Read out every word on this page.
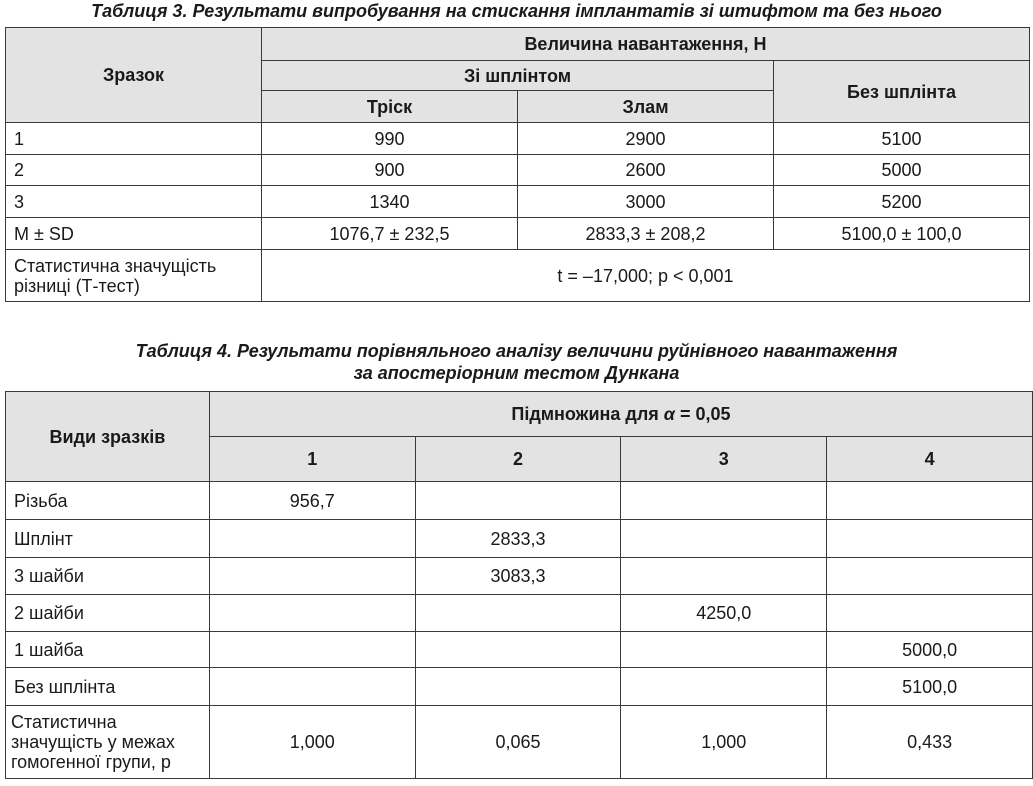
Таблиця 3. Результати випробування на стискання імплантатів зі штифтом та без нього
Зразок	Величина навантаження, Н		
	Зі шплінтом		Без шплінта
	Тріск	Злам	
1	990	2900	5100
2	900	2600	5000
3	1340	3000	5200
M ± SD	1076,7 ± 232,5	2833,3 ± 208,2	5100,0 ± 100,0

Статистична значущість
різниці (Т-тест)	t = –17,000; p < 0,001		
Таблиця 4. Результати порівняльного аналізу величини руйнівного навантаження
за апостеріорним тестом Дункана
Види зразків	Підмножина для α = 0,05			
	1	2	3	4
Різьба	956,7			
Шплінт		2833,3		
3 шайби		3083,3		
2 шайби			4250,0	
1 шайба				5000,0
Без шплінта				5100,0

Статистична
значущість у межах
гомогенної групи, р	1,000	0,065	1,000	0,433
